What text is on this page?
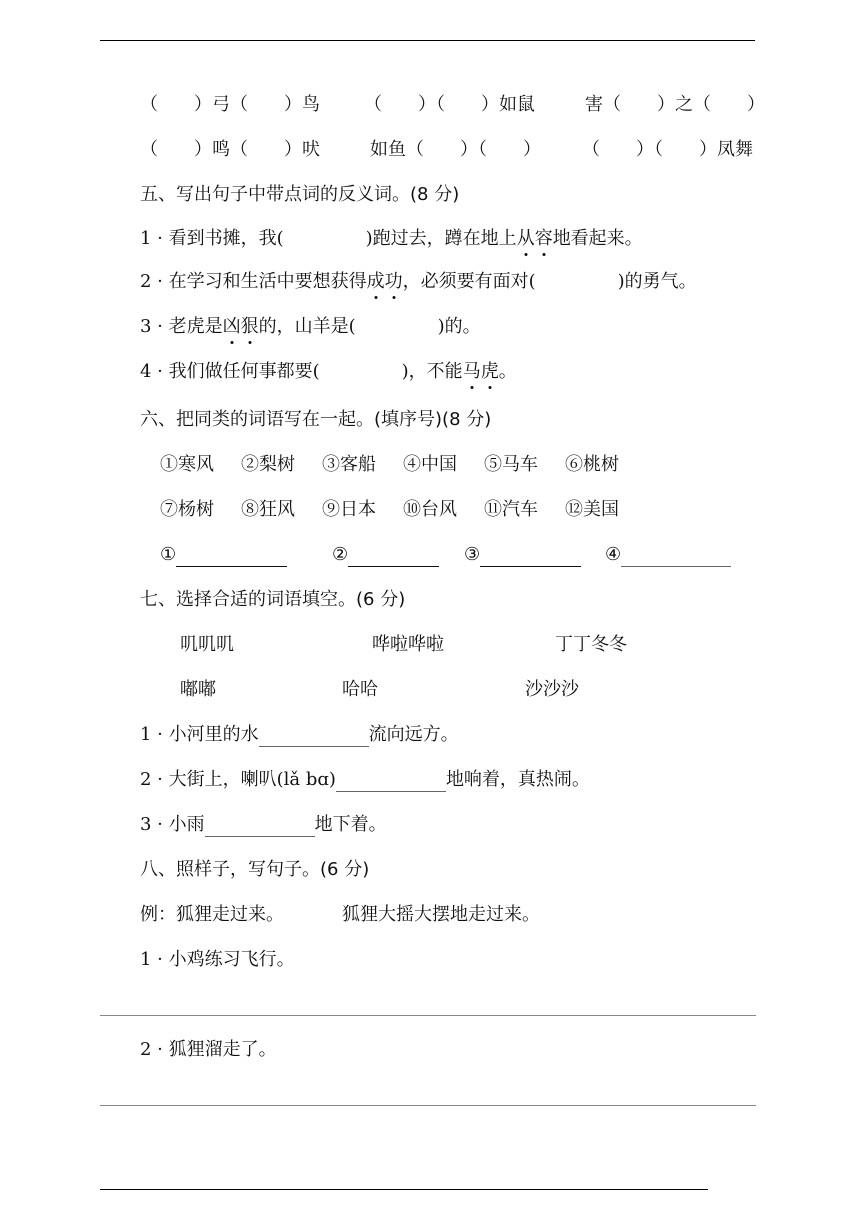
（　　）弓（　　）鸟 （　　）（　　）如鼠	害（　　）之（　　）
（　　）鸣（　　）吠	如鱼（　　）（　　） （　　）（　　）凤舞
五、写出句子中带点词的反义词。(8 分)
1 · 看到书摊，我(	)跑过去，蹲在地上从容地看起来。
2 · 在学习和生活中要想获得成功，必须要有面对(	)的勇气。
3 · 老虎是凶狠的，山羊是(	)的。
4 · 我们做任何事都要(	)，不能马虎。
六、把同类的词语写在一起。(填序号)(8 分)
①寒风 ②梨树 ③客船 ④中国 ⑤马车 ⑥桃树
⑦杨树 ⑧狂风 ⑨日本 ⑩台风 ⑪汽车 ⑫美国
①	②	③	④
七、选择合适的词语填空。(6 分)
叽叽叽	哗啦哗啦	丁丁冬冬
嘟嘟	哈哈	沙沙沙
1 · 小河里的水	流向远方。
2 · 大街上，喇叭(lǎ bɑ)	地响着，真热闹。
3 · 小雨	地下着。
八、照样子，写句子。(6 分)
例：狐狸走过来。	狐狸大摇大摆地走过来。
1 · 小鸡练习飞行。
2 · 狐狸溜走了。
